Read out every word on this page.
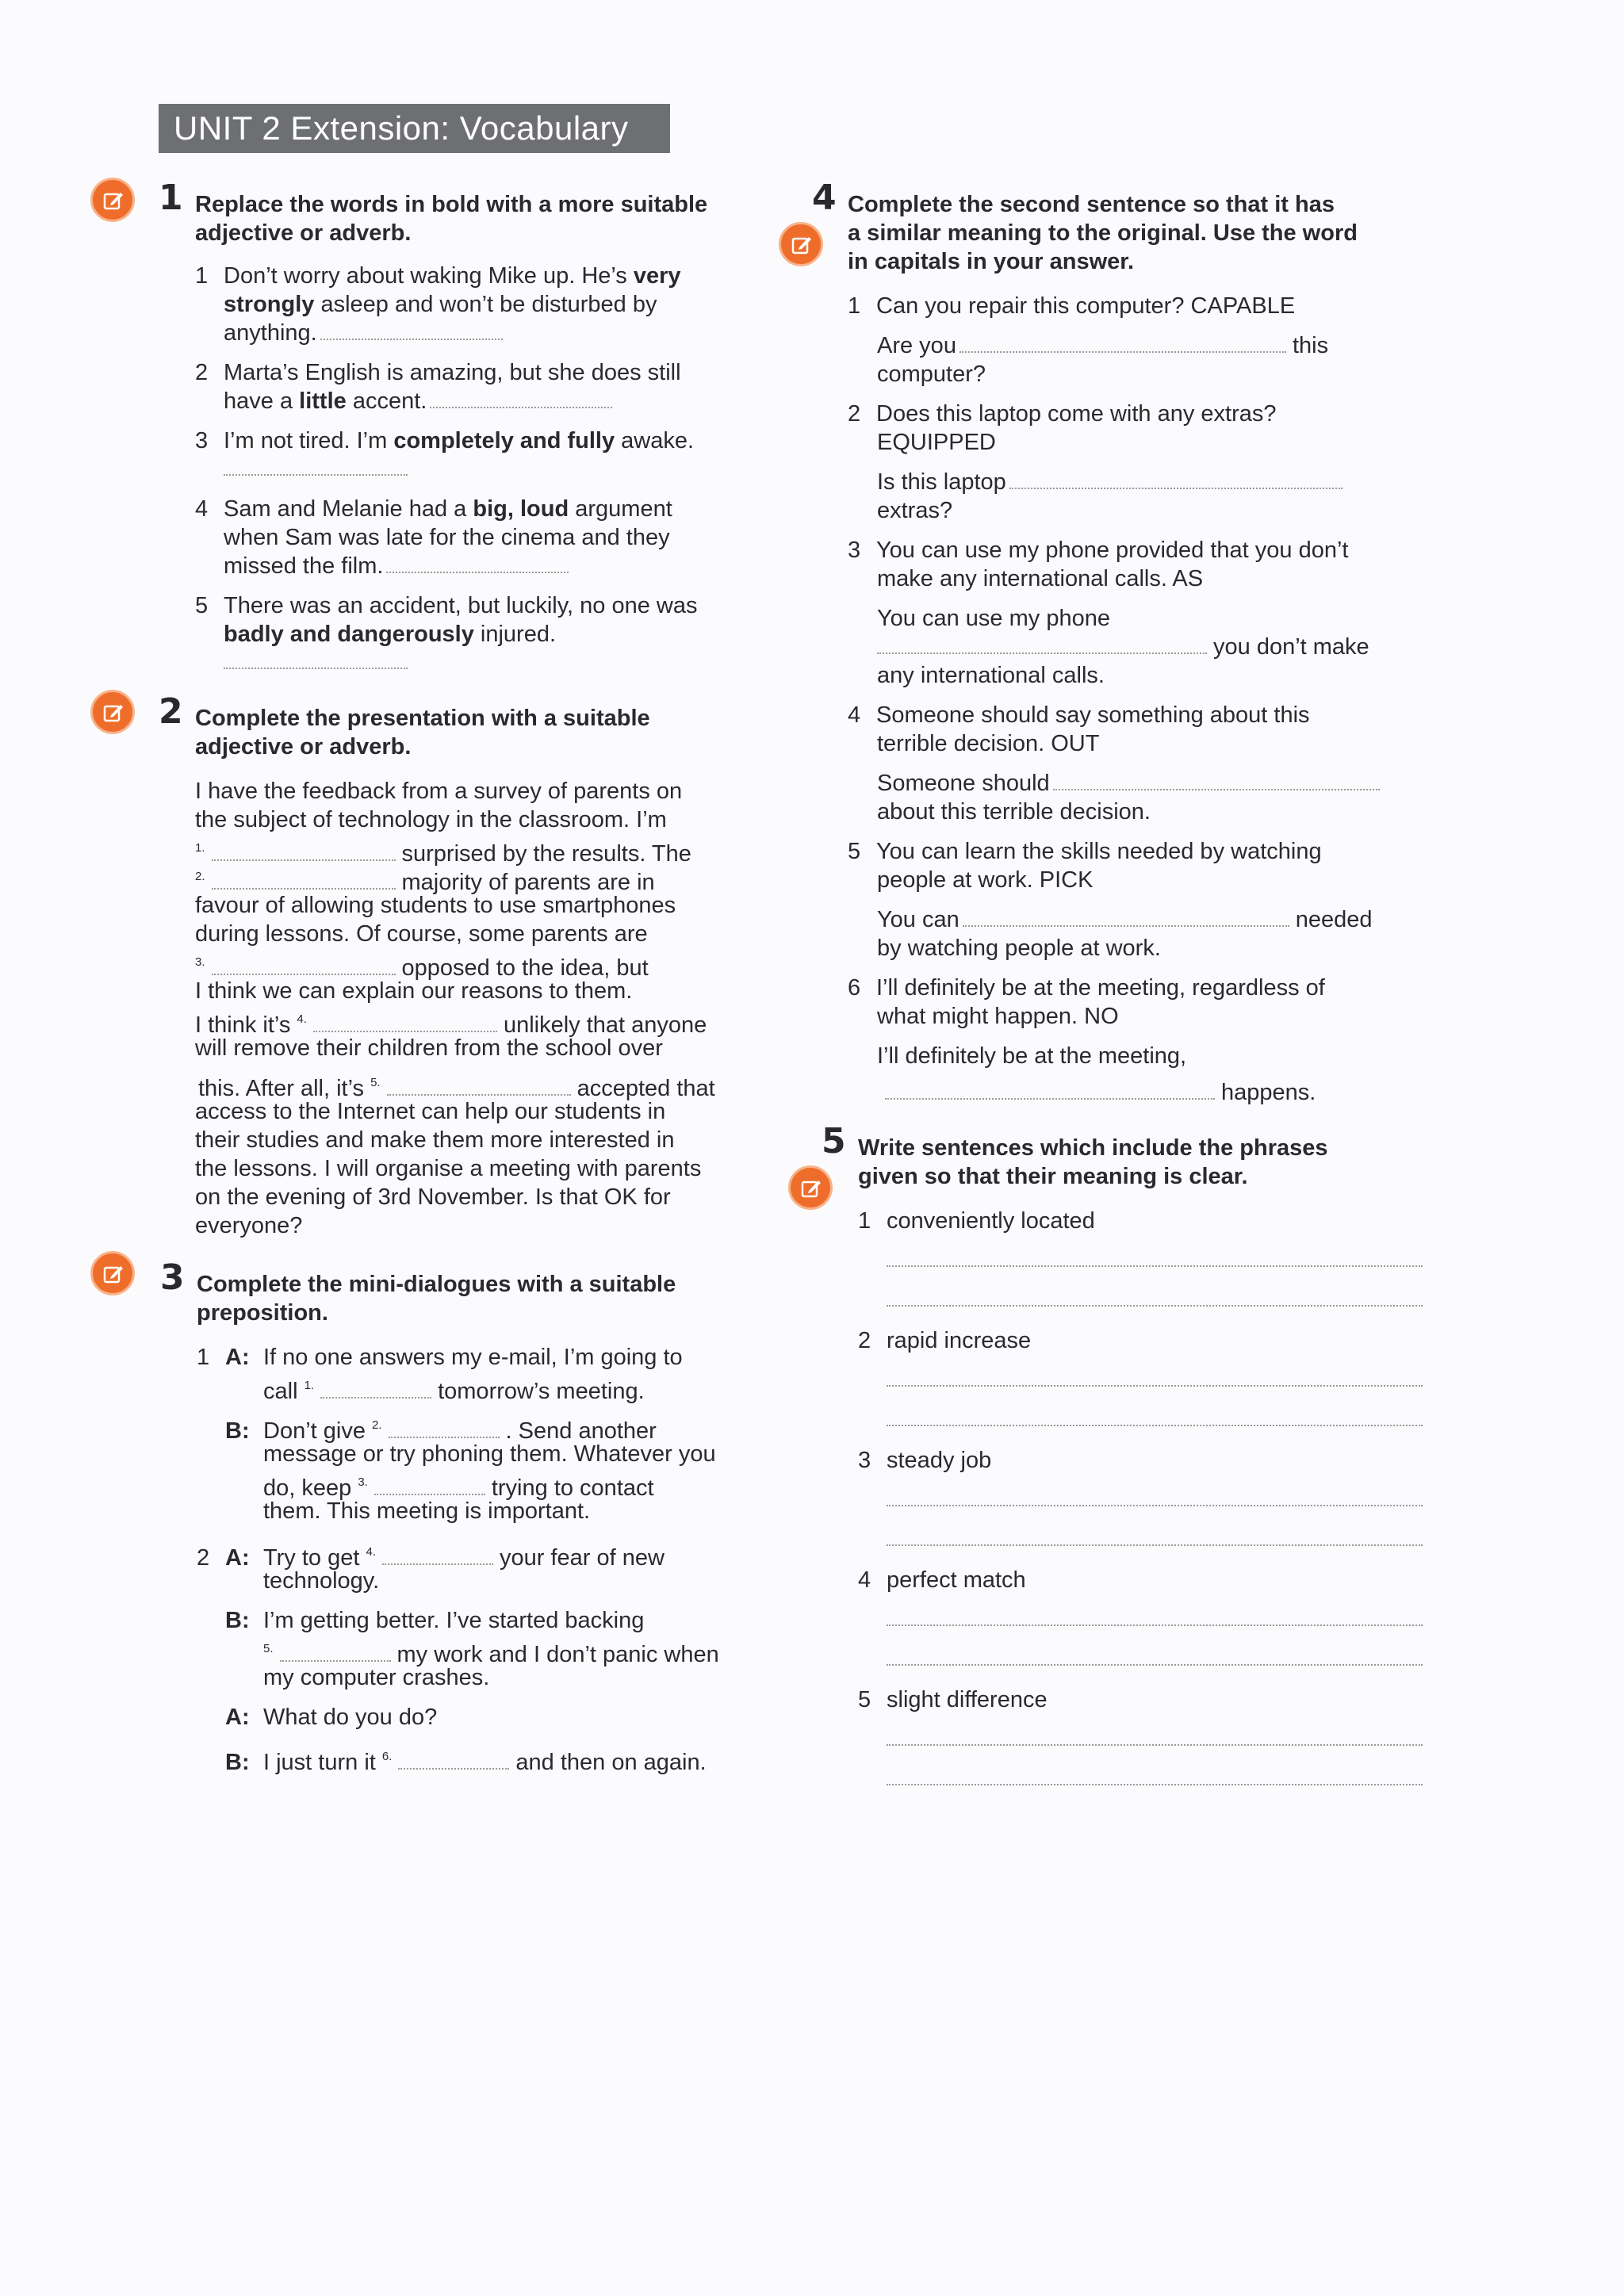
UNIT 2 Extension: Vocabulary
1 Replace the words in bold with a more suitable
adjective or adverb.
1 Don’t worry about waking Mike up. He’s very
strongly asleep and won’t be disturbed by
anything.
2 Marta’s English is amazing, but she does still
have a little accent.
3 I’m not tired. I’m completely and fully awake.
4 Sam and Melanie had a big, loud argument
when Sam was late for the cinema and they
missed the film.
5 There was an accident, but luckily, no one was
badly and dangerously injured.
2 Complete the presentation with a suitable
adjective or adverb.
I have the feedback from a survey of parents on
the subject of technology in the classroom. I’m
$^{1.}$	surprised by the results. The
$^{2.}$	majority of parents are in
favour of allowing students to use smartphones
during lessons. Of course, some parents are
$^{3.}$	opposed to the idea, but
I think we can explain our reasons to them.
I think it’s $^{4.}$	unlikely that anyone
will remove their children from the school over
this. After all, it’s $^{5.}$	accepted that
access to the Internet can help our students in
their studies and make them more interested in
the lessons. I will organise a meeting with parents
on the evening of 3rd November. Is that OK for
everyone?
3 Complete the mini-dialogues with a suitable
preposition.
1 A: If no one answers my e-mail, I’m going to
call $^{1.}$	tomorrow’s meeting.
B: Don’t give $^{2.}$	. Send another
message or try phoning them. Whatever you
do, keep $^{3.}$	trying to contact
them. This meeting is important.
2 A: Try to get $^{4.}$	your fear of new
technology.
B: I’m getting better. I’ve started backing
$^{5.}$	my work and I don’t panic when
my computer crashes.
A: What do you do?
B: I just turn it $^{6.}$	and then on again.
4 Complete the second sentence so that it has
a similar meaning to the original. Use the word
in capitals in your answer.
1 Can you repair this computer? CAPABLE
Are you	this
computer?
2 Does this laptop come with any extras?
EQUIPPED
Is this laptop
extras?
3 You can use my phone provided that you don’t
make any international calls. AS
You can use my phone
you don’t make
any international calls.
4 Someone should say something about this
terrible decision. OUT
Someone should
about this terrible decision.
5 You can learn the skills needed by watching
people at work. PICK
You can	needed
by watching people at work.
6 I’ll definitely be at the meeting, regardless of
what might happen. NO
I’ll definitely be at the meeting,
happens.
5 Write sentences which include the phrases
given so that their meaning is clear.
1 conveniently located
2 rapid increase
3 steady job
4 perfect match
5 slight difference
